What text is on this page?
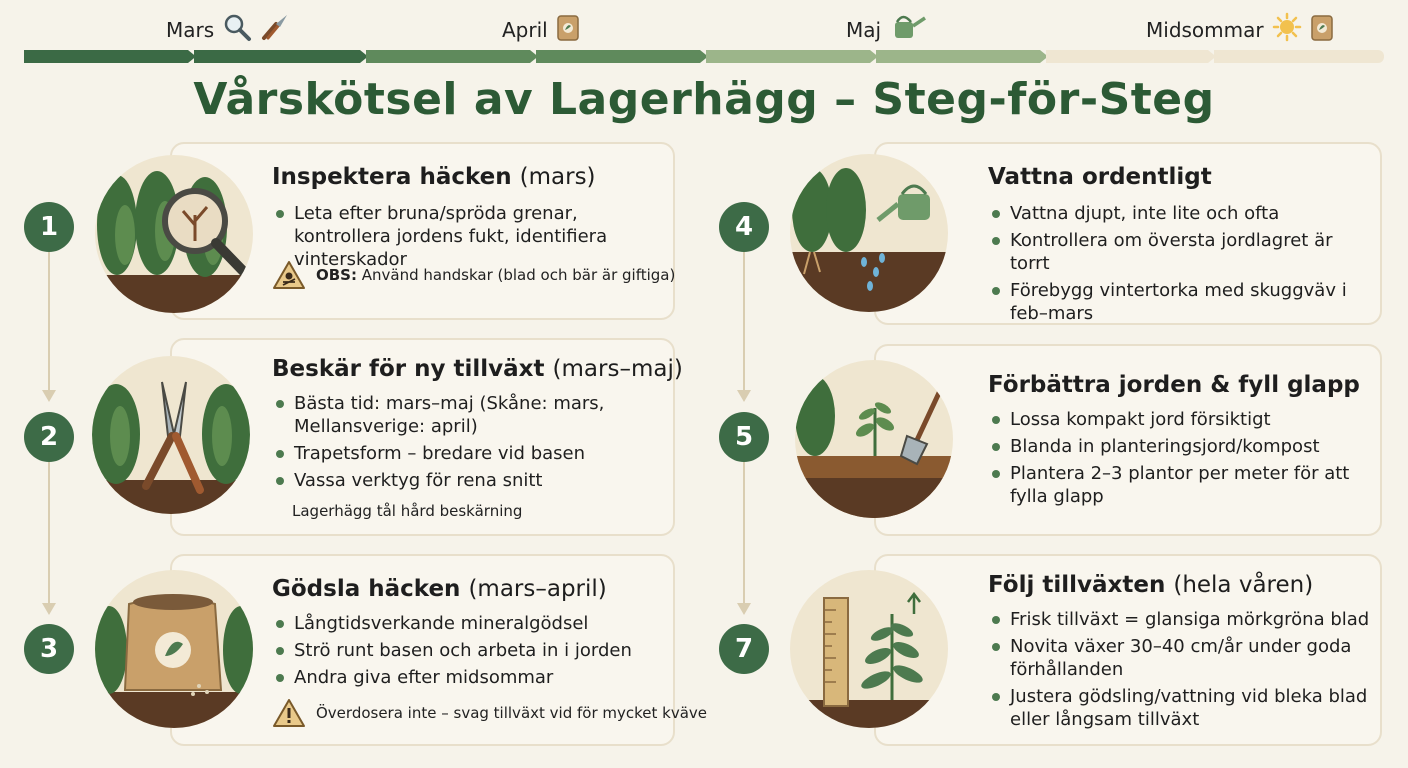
Mars	April	Maj	Midsommar
Vårskötsel av Lagerhägg – Steg-för-Steg
Inspektera häcken (mars)
Leta efter bruna/spröda grenar, kontrollera jordens fukt, identifiera vinterskador
OBS: Använd handskar (blad och bär är giftiga)
1
Beskär för ny tillväxt (mars–maj)
Bästa tid: mars–maj (Skåne: mars, Mellansverige: april)
Trapetsform – bredare vid basen
Vassa verktyg för rena snitt
Lagerhägg tål hård beskärning
2
Gödsla häcken (mars–april)
Långtidsverkande mineralgödsel
Strö runt basen och arbeta in i jorden
Andra giva efter midsommar
Överdosera inte – svag tillväxt vid för mycket kväve
3
Vattna ordentligt
Vattna djupt, inte lite och ofta
Kontrollera om översta jordlagret är torrt
Förebygg vintertorka med skuggväv i feb–mars
4
Förbättra jorden & fyll glapp
Lossa kompakt jord försiktigt
Blanda in planteringsjord/kompost
Plantera 2–3 plantor per meter för att fylla glapp
5
Följ tillväxten (hela våren)
Frisk tillväxt = glansiga mörkgröna blad
Novita växer 30–40 cm/år under goda förhållanden
Justera gödsling/vattning vid bleka blad eller långsam tillväxt
7
